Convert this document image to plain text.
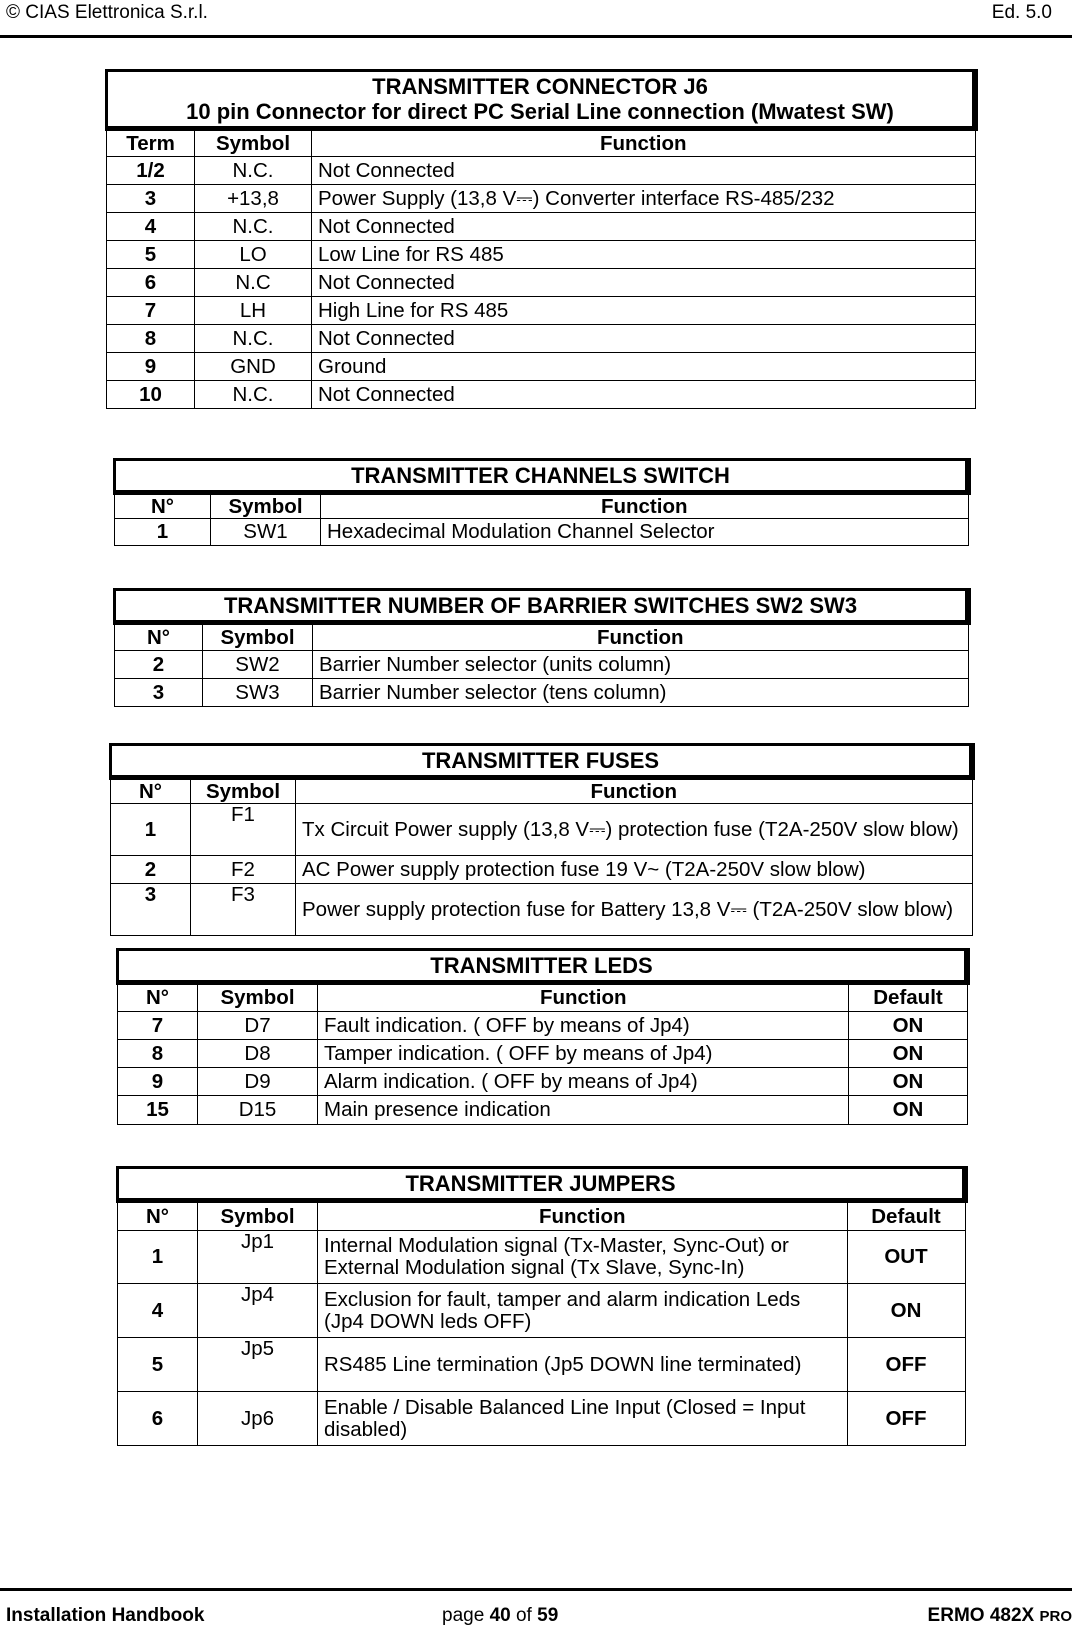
© CIAS Elettronica S.r.l.	Ed. 5.0
TRANSMITTER CONNECTOR J6
10 pin Connector for direct PC Serial Line connection (Mwatest SW)		

Term	Symbol	Function
1/2	N.C.	Not Connected
3	+13,8	Power Supply (13,8 V⎓) Converter interface RS-485/232
4	N.C.	Not Connected
5	LO	Low Line for RS 485
6	N.C	Not Connected
7	LH	High Line for RS 485
8	N.C.	Not Connected
9	GND	Ground
10	N.C.	Not Connected
TRANSMITTER CHANNELS SWITCH		
N°	Symbol	Function
1	SW1	Hexadecimal Modulation Channel Selector
TRANSMITTER NUMBER OF BARRIER SWITCHES SW2 SW3		
N°	Symbol	Function
2	SW2	Barrier Number selector (units column)
3	SW3	Barrier Number selector (tens column)
TRANSMITTER FUSES		
N°	Symbol	Function
1	F1	Tx Circuit Power supply (13,8 V⎓) protection fuse (T2A-250V slow blow)
2	F2	AC Power supply protection fuse 19 V~ (T2A-250V slow blow)
3	F3	Power supply protection fuse for Battery 13,8 V⎓ (T2A-250V slow blow)
TRANSMITTER LEDS			
N°	Symbol	Function	Default
7	D7	Fault indication. ( OFF by means of Jp4)	ON
8	D8	Tamper indication. ( OFF by means of Jp4)	ON
9	D9	Alarm indication. ( OFF by means of Jp4)	ON
15	D15	Main presence indication	ON
TRANSMITTER JUMPERS			
N°	Symbol	Function	Default
1	Jp1	Internal Modulation signal (Tx-Master, Sync-Out) or External Modulation signal (Tx Slave, Sync-In)	OUT
4	Jp4	Exclusion for fault, tamper and alarm indication Leds (Jp4 DOWN leds OFF)	ON
5	Jp5	RS485 Line termination (Jp5 DOWN line terminated)	OFF
6	Jp6	Enable / Disable Balanced Line Input (Closed = Input disabled)	OFF
Installation Handbook	page 40 of 59	ERMO 482X PRO
